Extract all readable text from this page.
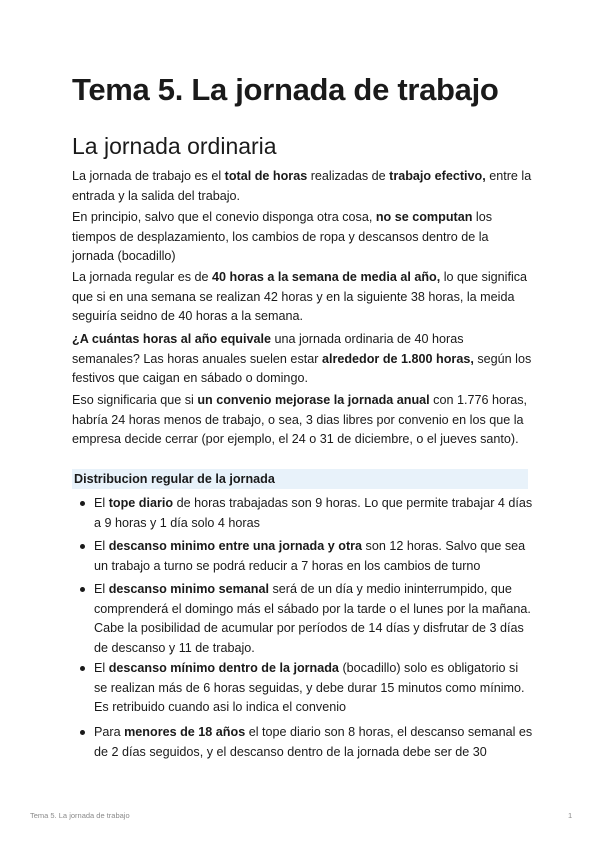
Tema 5. La jornada de trabajo
La jornada ordinaria

La jornada de trabajo es el total de horas realizadas de trabajo efectivo, entre la entrada y la salida del trabajo.

En principio, salvo que el conevio disponga otra cosa, no se computan los tiempos de desplazamiento, los cambios de ropa y descansos dentro de la jornada (bocadillo)

La jornada regular es de 40 horas a la semana de media al año, lo que significa que si en una semana se realizan 42 horas y en la siguiente 38 horas, la meida seguiría seidno de 40 horas a la semana.

¿A cuántas horas al año equivale una jornada ordinaria de 40 horas semanales? Las horas anuales suelen estar alrededor de 1.800 horas, según los festivos que caigan en sábado o domingo.

Eso significaria que si un convenio mejorase la jornada anual con 1.776 horas, habría 24 horas menos de trabajo, o sea, 3 dias libres por convenio en los que la empresa decide cerrar (por ejemplo, el 24 o 31 de diciembre, o el jueves santo).

Distribucion regular de la jornada
El tope diario de horas trabajadas son 9 horas. Lo que permite trabajar 4 días a 9 horas y 1 día solo 4 horas
El descanso minimo entre una jornada y otra son 12 horas. Salvo que sea un trabajo a turno se podrá reducir a 7 horas en los cambios de turno
El descanso minimo semanal será de un día y medio ininterrumpido, que comprenderá el domingo más el sábado por la tarde o el lunes por la mañana. Cabe la posibilidad de acumular por períodos de 14 días y disfrutar de 3 días de descanso y 11 de trabajo.
El descanso mínimo dentro de la jornada (bocadillo) solo es obligatorio si se realizan más de 6 horas seguidas, y debe durar 15 minutos como mínimo. Es retribuido cuando asi lo indica el convenio
Para menores de 18 años el tope diario son 8 horas, el descanso semanal es de 2 días seguidos, y el descanso dentro de la jornada debe ser de 30
Tema 5. La jornada de trabajo	1
